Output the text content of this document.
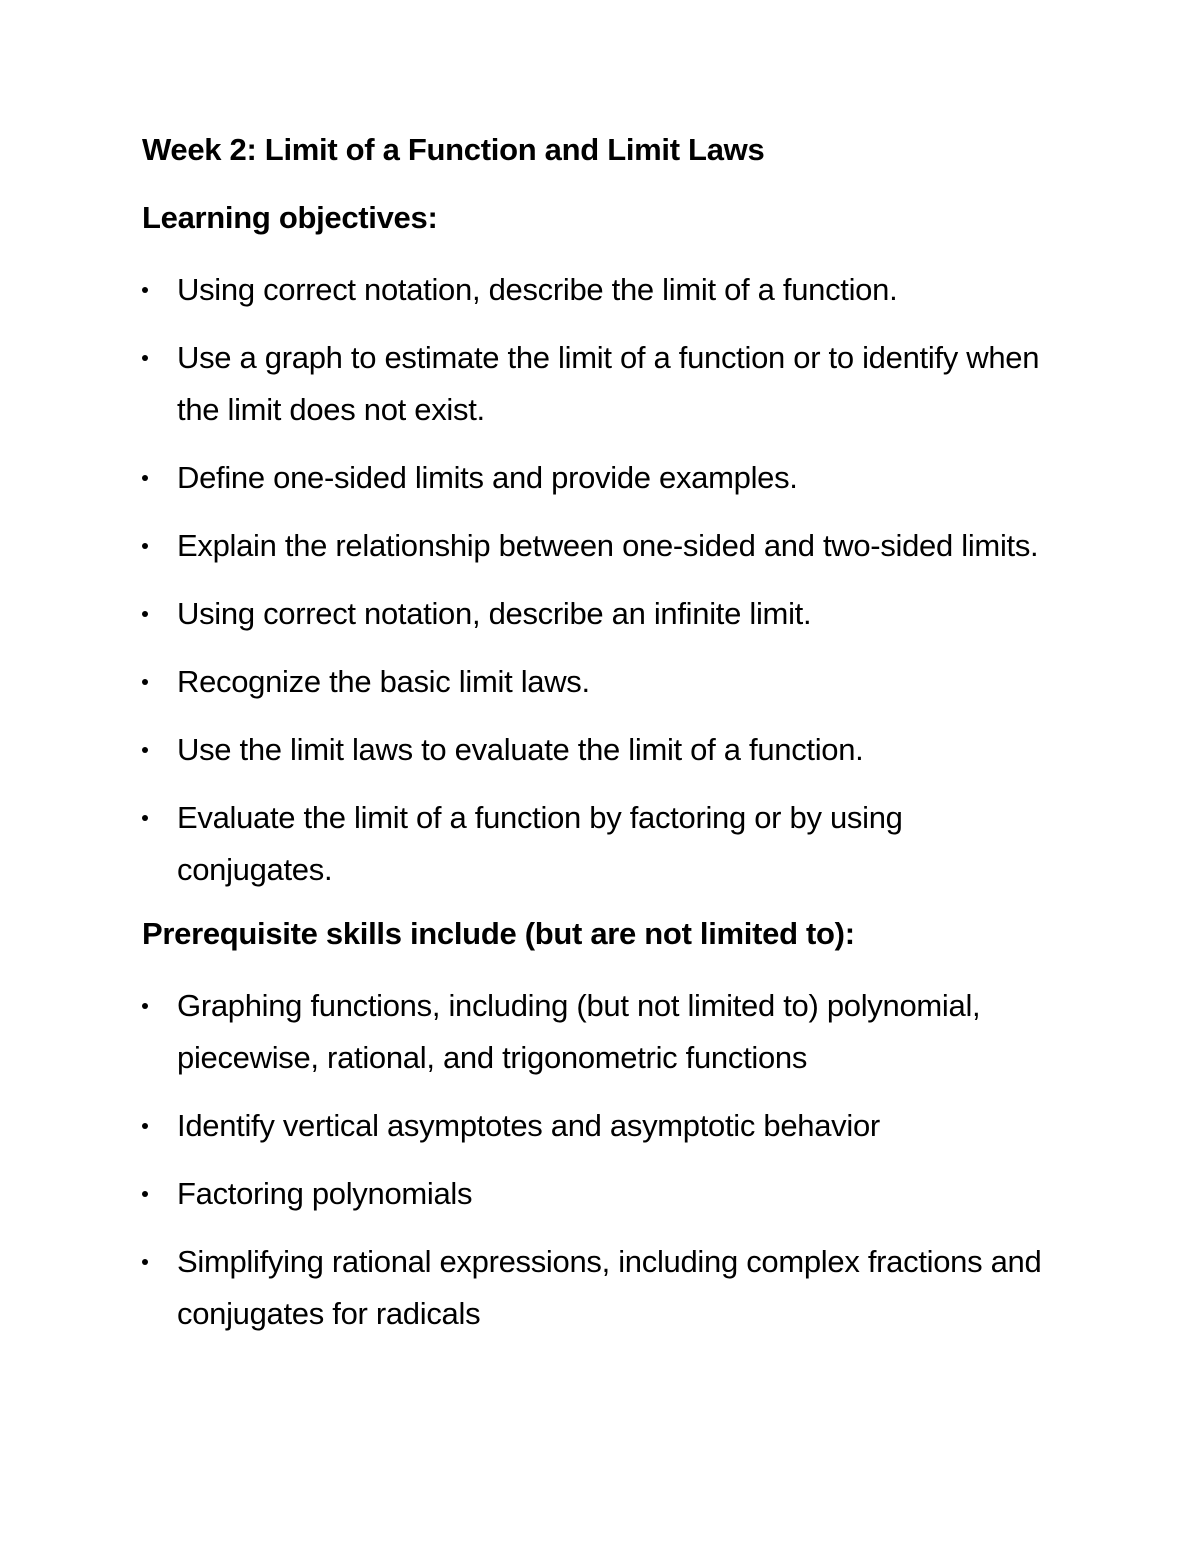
Week 2: Limit of a Function and Limit Laws
Learning objectives:
Using correct notation, describe the limit of a function.
Use a graph to estimate the limit of a function or to identify when the limit does not exist.
Define one-sided limits and provide examples.
Explain the relationship between one-sided and two-sided limits.
Using correct notation, describe an infinite limit.
Recognize the basic limit laws.
Use the limit laws to evaluate the limit of a function.
Evaluate the limit of a function by factoring or by using conjugates.
Prerequisite skills include (but are not limited to):
Graphing functions, including (but not limited to) polynomial, piecewise, rational, and trigonometric functions
Identify vertical asymptotes and asymptotic behavior
Factoring polynomials
Simplifying rational expressions, including complex fractions and conjugates for radicals
